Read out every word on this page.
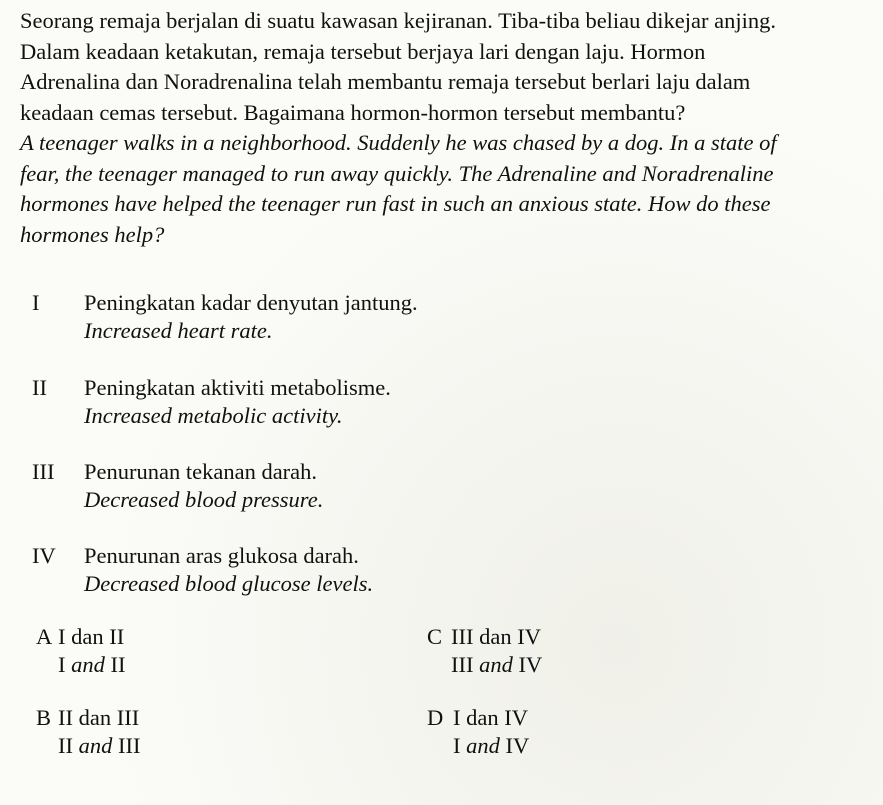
Seorang remaja berjalan di suatu kawasan kejiranan. Tiba-tiba beliau dikejar anjing.
Dalam keadaan ketakutan, remaja tersebut berjaya lari dengan laju. Hormon
Adrenalina dan Noradrenalina telah membantu remaja tersebut berlari laju dalam
keadaan cemas tersebut. Bagaimana hormon-hormon tersebut membantu?
A teenager walks in a neighborhood. Suddenly he was chased by a dog. In a state of
fear, the teenager managed to run away quickly. The Adrenaline and Noradrenaline
hormones have helped the teenager run fast in such an anxious state. How do these
hormones help?
I	Peningkatan kadar denyutan jantung.
Increased heart rate.
II	Peningkatan aktiviti metabolisme.
Increased metabolic activity.
III	Penurunan tekanan darah.
Decreased blood pressure.
IV	Penurunan aras glukosa darah.
Decreased blood glucose levels.
A I dan II
I and II
C III dan IV
III and IV
B II dan III
II and III
D I dan IV
I and IV
